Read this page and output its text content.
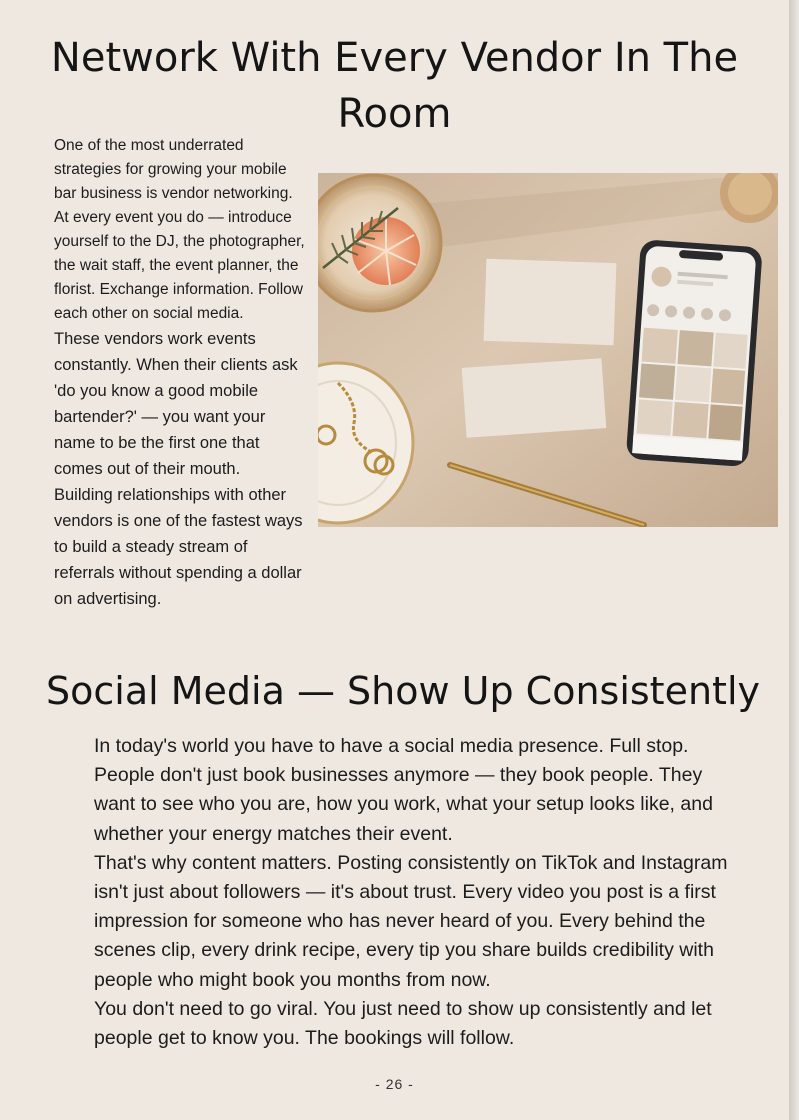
Network With Every Vendor In The Room

One of the most underrated strategies for growing your mobile bar business is vendor networking. At every event you do — introduce yourself to the DJ, the photographer, the wait staff, the event planner, the florist. Exchange information. Follow each other on social media.

These vendors work events constantly. When their clients ask 'do you know a good mobile bartender?' — you want your name to be the first one that comes out of their mouth.

Building relationships with other vendors is one of the fastest ways to build a steady stream of referrals without spending a dollar on advertising.

Social Media — Show Up Consistently

In today's world you have to have a social media presence. Full stop. People don't just book businesses anymore — they book people. They want to see who you are, how you work, what your setup looks like, and whether your energy matches their event.

That's why content matters. Posting consistently on TikTok and Instagram isn't just about followers — it's about trust. Every video you post is a first impression for someone who has never heard of you. Every behind the scenes clip, every drink recipe, every tip you share builds credibility with people who might book you months from now.

You don't need to go viral. You just need to show up consistently and let people get to know you. The bookings will follow.

- 26 -
